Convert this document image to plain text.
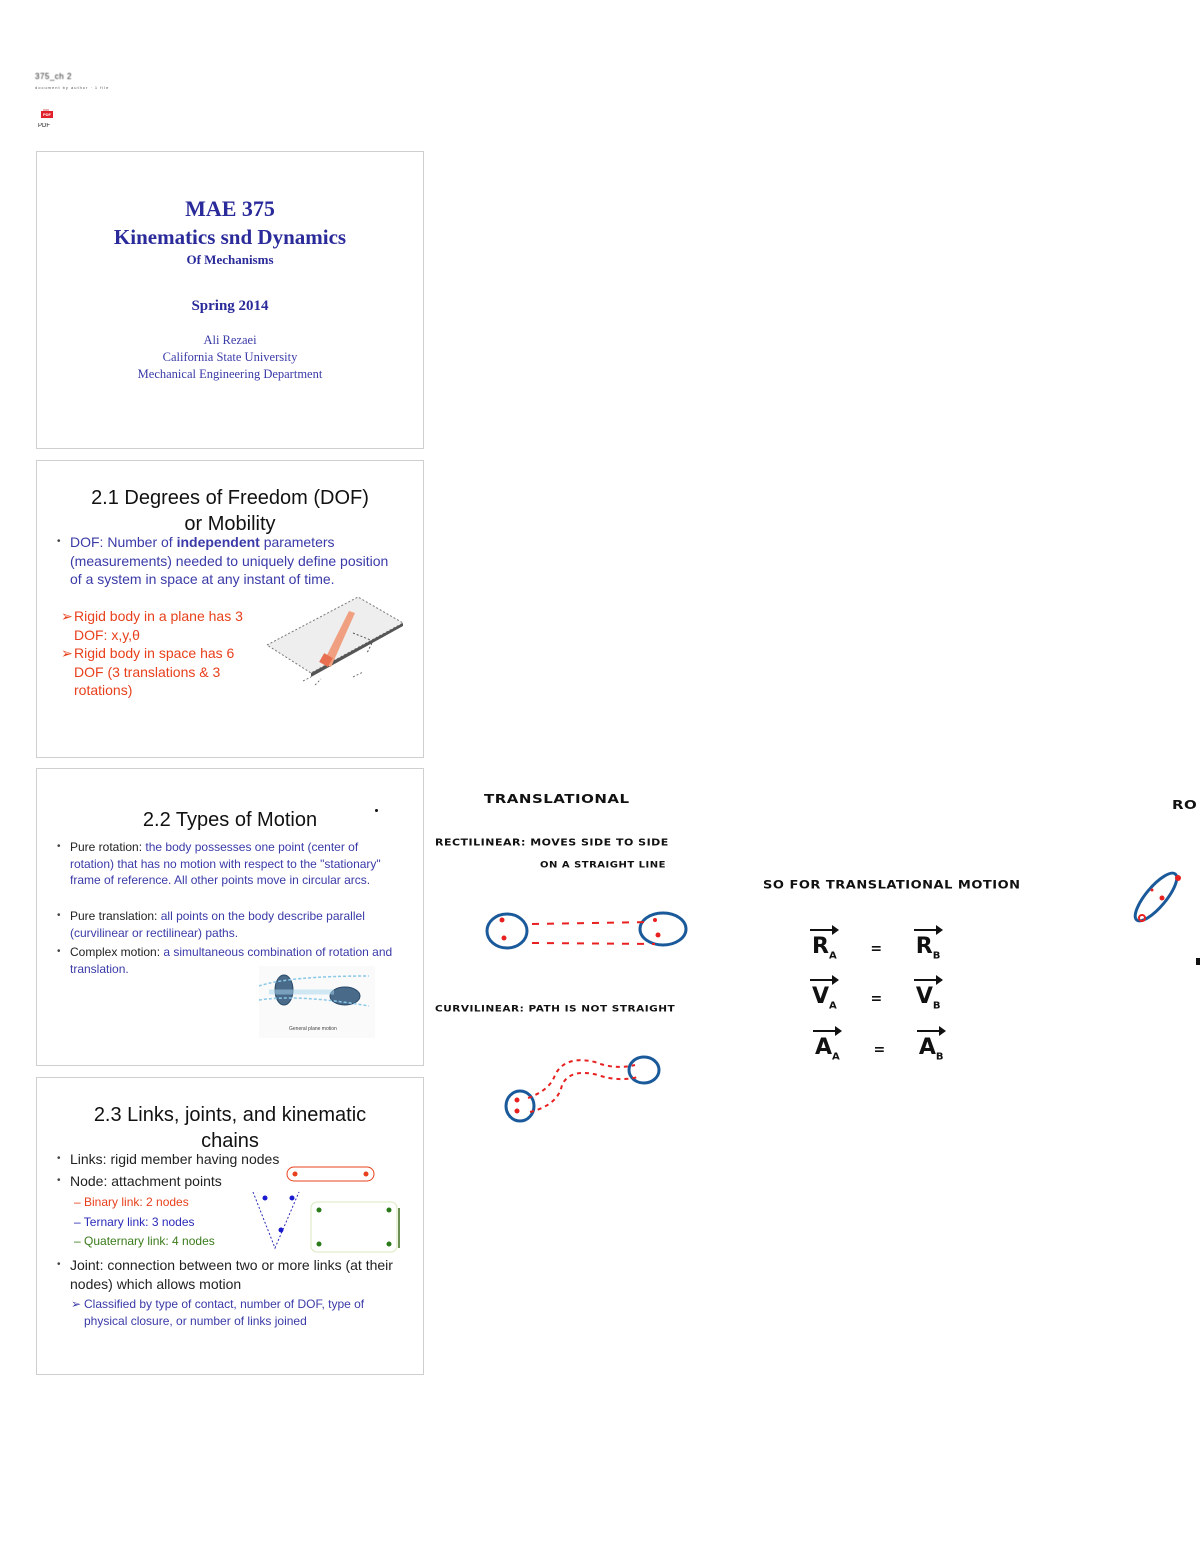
375_ch 2
document by author · 1 file
PDF
PDF
MAE 375
Kinematics snd Dynamics
Of Mechanisms
Spring 2014
Ali Rezaei
California State University
Mechanical Engineering Department
2.1 Degrees of Freedom (DOF)
or Mobility
• DOF: Number of independent parameters (measurements) needed to uniquely define position of a system in space at any instant of time.
➢ Rigid body in a plane has 3 DOF: x,y,θ
➢ Rigid body in space has 6 DOF (3 translations & 3 rotations)
2.2 Types of Motion
• Pure rotation: the body possesses one point (center of rotation) that has no motion with respect to the "stationary" frame of reference. All other points move in circular arcs.
• Pure translation: all points on the body describe parallel (curvilinear or rectilinear) paths.
• Complex motion: a simultaneous combination of rotation and translation.
General plane motion
2.3 Links, joints, and kinematic
chains
• Links: rigid member having nodes
• Node: attachment points
– Binary link: 2 nodes
– Ternary link: 3 nodes
– Quaternary link: 4 nodes
• Joint: connection between two or more links (at their nodes) which allows motion
➢ Classified by type of contact, number of DOF, type of physical closure, or number of links joined
TRANSLATIONAL
RECTILINEAR: MOVES SIDE TO SIDE
ON A STRAIGHT LINE
CURVILINEAR: PATH IS NOT STRAIGHT
SO FOR TRANSLATIONAL MOTION
$R_A = R_B$
$V_A = V_B$
$A_A = A_B$
RO
